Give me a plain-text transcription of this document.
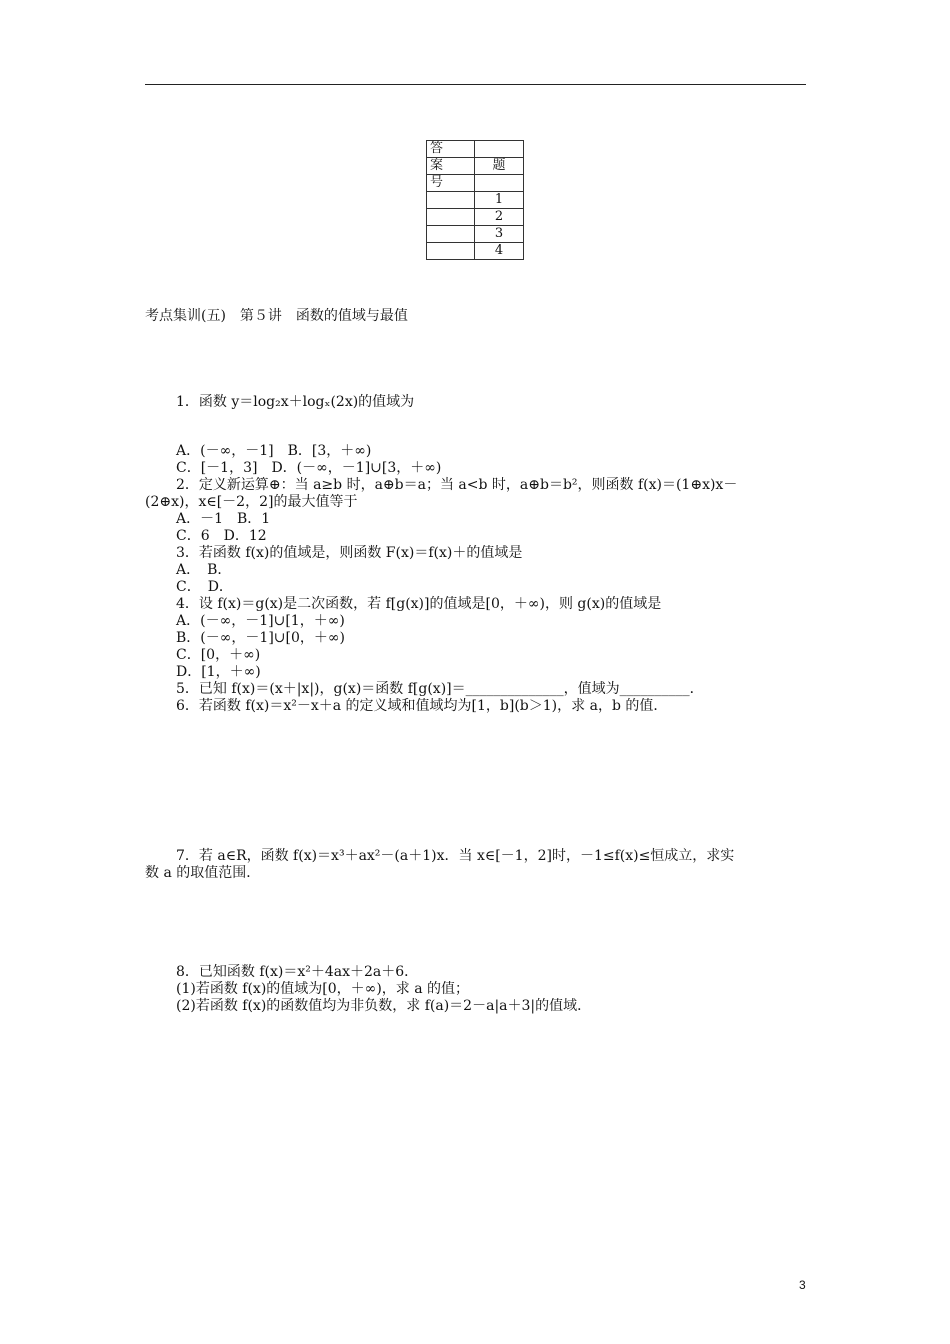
答	

案	题

号	

	1
	2
	3
	4
考点集训(五)　第５讲　函数的值域与最值
1．函数 y＝log₂x＋logₓ(2x)的值域为
A．(－∞，－1]　B．[3，＋∞)
C．[－1，3]　D．(－∞，－1]∪[3，＋∞)
2．定义新运算⊕：当 a≥b 时，a⊕b＝a；当 a<b 时，a⊕b＝b²，则函数 f(x)＝(1⊕x)x－
(2⊕x)，x∈[－2，2]的最大值等于
A．－1　B．1
C．6　D．12
3．若函数 f(x)的值域是，则函数 F(x)＝f(x)＋的值域是
A．　B．
C．　D．
4．设 f(x)＝g(x)是二次函数，若 f[g(x)]的值域是[0，＋∞)，则 g(x)的值域是
A．(－∞，－1]∪[1，＋∞)
B．(－∞，－1]∪[0，＋∞)
C．[0，＋∞)
D．[1，＋∞)
5．已知 f(x)＝(x＋|x|)，g(x)＝函数 f[g(x)]＝______________，值域为__________．
6．若函数 f(x)＝x²－x＋a 的定义域和值域均为[1，b](b＞1)，求 a，b 的值．
7．若 a∈R，函数 f(x)＝x³＋ax²－(a＋1)x．当 x∈[－1，2]时，－1≤f(x)≤恒成立，求实
数 a 的取值范围．
8．已知函数 f(x)＝x²＋4ax＋2a＋6．
(1)若函数 f(x)的值域为[0，＋∞)，求 a 的值；
(2)若函数 f(x)的函数值均为非负数，求 f(a)＝2－a|a＋3|的值域．
3
